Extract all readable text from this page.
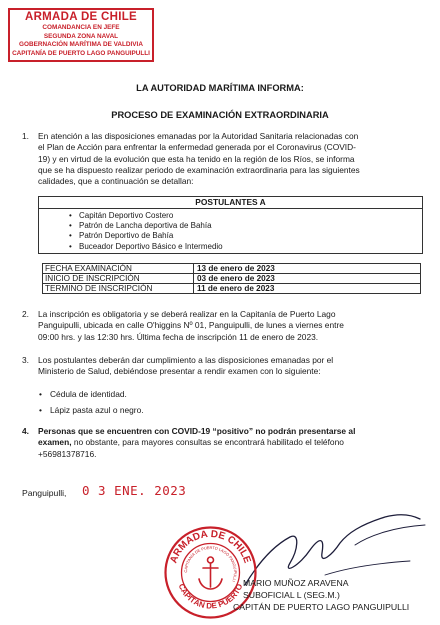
ARMADA DE CHILE
COMANDANCIA EN JEFE
SEGUNDA ZONA NAVAL
GOBERNACIÓN MARÍTIMA DE VALDIVIA
CAPITANÍA DE PUERTO LAGO PANGUIPULLI
LA AUTORIDAD MARÍTIMA INFORMA:
PROCESO DE EXAMINACIÓN EXTRAORDINARIA
1. En atención a las disposiciones emanadas por la Autoridad Sanitaria relacionadas con
el Plan de Acción para enfrentar la enfermedad generada por el Coronavirus (COVID-
19) y en virtud de la evolución que esta ha tenido en la región de los Ríos, se informa
que se ha dispuesto realizar periodo de examinación extraordinaria para las siguientes
calidades, que a continuación se detallan:
POSTULANTES A
• Capitán Deportivo Costero
• Patrón de Lancha deportiva de Bahía
• Patrón Deportivo de Bahía
• Buceador Deportivo Básico e Intermedio
FECHA EXAMINACIÓN	13 de enero de 2023
INICIO DE INSCRIPCIÓN	03 de enero de 2023
TERMINO DE INSCRIPCIÓN	11 de enero de 2023
2. La inscripción es obligatoria y se deberá realizar en la Capitanía de Puerto Lago
Panguipulli, ubicada en calle O'higgins Nº 01, Panguipulli, de lunes a viernes entre
09:00 hrs. y las 12:30 hrs. Última fecha de inscripción 11 de enero de 2023.
3. Los postulantes deberán dar cumplimiento a las disposiciones emanadas por el
Ministerio de Salud, debiéndose presentar a rendir examen con lo siguiente:
• Cédula de identidad.
• Lápiz pasta azul o negro.
4. Personas que se encuentren con COVID-19 “positivo” no podrán presentarse al
examen, no obstante, para mayores consultas se encontrará habilitado el teléfono
+56981378716.
Panguipulli, 0 3 ENE. 2023
ARMADA DE CHILE
CAPITÁN DE PUERTO
CAPITANÍA DE PUERTO LAGO PANGUIPULLI MARIO MUÑOZ ARAVENA
SUBOFICIAL L (SEG.M.)
CAPITÁN DE PUERTO LAGO PANGUIPULLI
